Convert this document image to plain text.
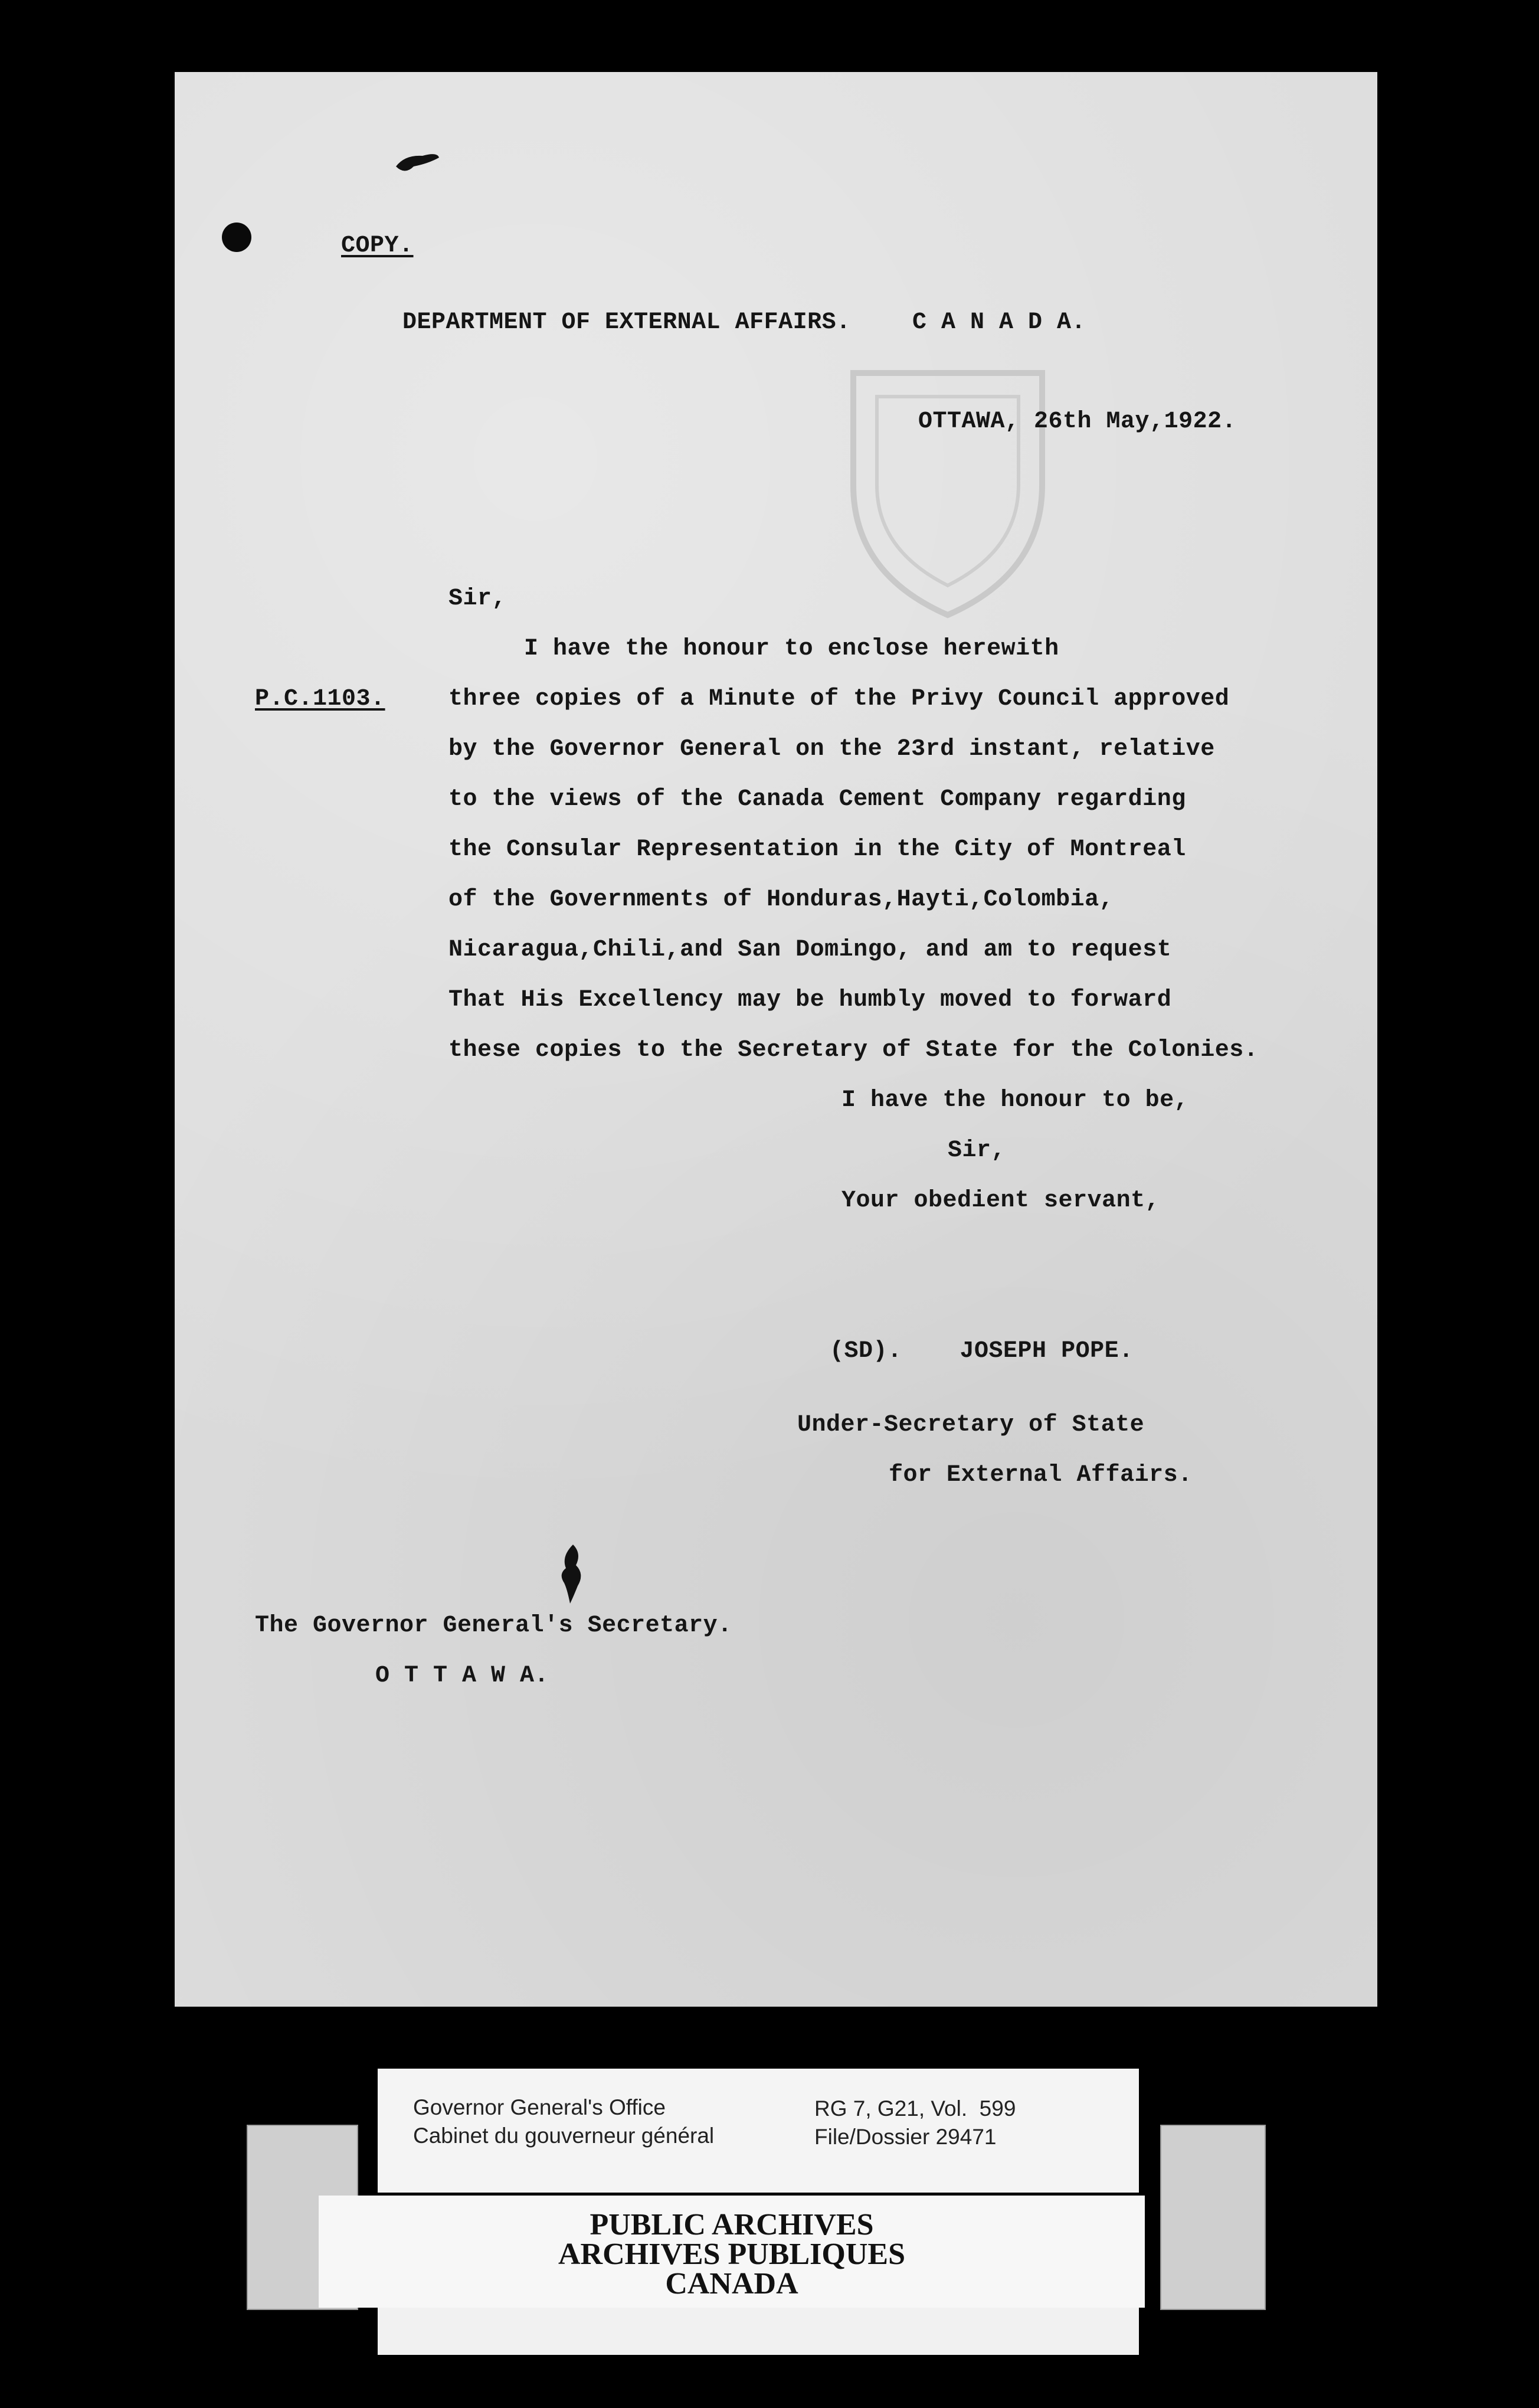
COPY.
DEPARTMENT OF EXTERNAL AFFAIRS.	C A N A D A.
OTTAWA, 26th May,1922.
Sir,
P.C.1103.
I have the honour to enclose herewith
three copies of a Minute of the Privy Council approved
by the Governor General on the 23rd instant, relative
to the views of the Canada Cement Company regarding
the Consular Representation in the City of Montreal
of the Governments of Honduras,Hayti,Colombia,
Nicaragua,Chili,and San Domingo, and am to request
That His Excellency may be humbly moved to forward
these copies to the Secretary of State for the Colonies.
I have the honour to be,
Sir,
Your obedient servant,
(SD).    JOSEPH POPE.
Under-Secretary of State
for External Affairs.
The Governor General's Secretary.
O T T A W A.
Governor General's Office
Cabinet du gouverneur général
RG 7, G21, Vol.  599
File/Dossier 29471
PUBLIC ARCHIVES
ARCHIVES PUBLIQUES
CANADA
